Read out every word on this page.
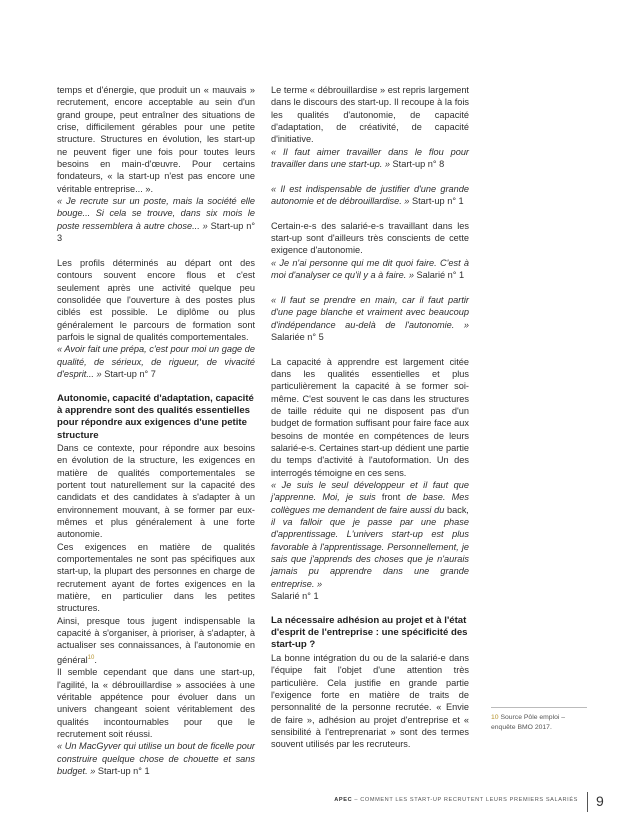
temps et d'énergie, que produit un « mauvais » recrutement, encore acceptable au sein d'un grand groupe, peut entraîner des situations de crise, difficilement gérables pour une petite structure. Structures en évolution, les start-up ne peuvent figer une fois pour toutes leurs besoins en main-d'œuvre. Pour certains fondateurs, « la start-up n'est pas encore une véritable entreprise... ».

« Je recrute sur un poste, mais la société elle bouge... Si cela se trouve, dans six mois le poste ressemblera à autre chose... » Start-up n° 3

Les profils déterminés au départ ont des contours souvent encore flous et c'est seulement après une activité quelque peu consolidée que l'ouverture à des postes plus ciblés est possible. Le diplôme ou plus généralement le parcours de formation sont parfois le signal de qualités comportementales.

« Avoir fait une prépa, c'est pour moi un gage de qualité, de sérieux, de rigueur, de vivacité d'esprit... » Start-up n° 7

Autonomie, capacité d'adaptation, capacité à apprendre sont des qualités essentielles pour répondre aux exigences d'une petite structure

Dans ce contexte, pour répondre aux besoins en évolution de la structure, les exigences en matière de qualités comportementales se portent tout naturellement sur la capacité des candidats et des candidates à s'adapter à un environnement mouvant, à se former par eux-mêmes et plus généralement à une forte autonomie.

Ces exigences en matière de qualités comportementales ne sont pas spécifiques aux start-up, la plupart des personnes en charge de recrutement ayant de fortes exigences en la matière, en particulier dans les petites structures.

Ainsi, presque tous jugent indispensable la capacité à s'organiser, à prioriser, à s'adapter, à actualiser ses connaissances, à l'autonomie en général$^{10}$.

Il semble cependant que dans une start-up, l'agilité, la « débrouillardise » associées à une véritable appétence pour évoluer dans un univers changeant soient véritablement des qualités incontournables pour que le recrutement soit réussi.

« Un MacGyver qui utilise un bout de ficelle pour construire quelque chose de chouette et sans budget. » Start-up n° 1

Le terme « débrouillardise » est repris largement dans le discours des start-up. Il recoupe à la fois les qualités d'autonomie, de capacité d'adaptation, de créativité, de capacité d'initiative.

« Il faut aimer travailler dans le flou pour travailler dans une start-up. » Start-up n° 8

« Il est indispensable de justifier d'une grande autonomie et de débrouillardise. » Start-up n° 1

Certain-e-s des salarié-e-s travaillant dans les start-up sont d'ailleurs très conscients de cette exigence d'autonomie.

« Je n'ai personne qui me dit quoi faire. C'est à moi d'analyser ce qu'il y a à faire. » Salarié n° 1

« Il faut se prendre en main, car il faut partir d'une page blanche et vraiment avec beaucoup d'indépendance au-delà de l'autonomie. » Salariée n° 5

La capacité à apprendre est largement citée dans les qualités essentielles et plus particulièrement la capacité à se former soi-même. C'est souvent le cas dans les structures de taille réduite qui ne disposent pas d'un budget de formation suffisant pour faire face aux besoins de montée en compétences de leurs salarié-e-s. Certaines start-up dédient une partie du temps d'activité à l'autoformation. Un des interrogés témoigne en ces sens.

« Je suis le seul développeur et il faut que j'apprenne. Moi, je suis front de base. Mes collègues me demandent de faire aussi du back, il va falloir que je passe par une phase d'apprentissage. L'univers start-up est plus favorable à l'apprentissage. Personnellement, je sais que j'apprends des choses que je n'aurais jamais pu apprendre dans une grande entreprise. »

Salarié n° 1

La nécessaire adhésion au projet et à l'état d'esprit de l'entreprise : une spécificité des start-up ?

La bonne intégration du ou de la salarié-e dans l'équipe fait l'objet d'une attention très particulière. Cela justifie en grande partie l'exigence forte en matière de traits de personnalité de la personne recrutée. « Envie de faire », adhésion au projet d'entreprise et « sensibilité à l'entreprenariat » sont des termes souvent utilisés par les recruteurs.

10 Source Pôle emploi – enquête BMO 2017.
APEC – COMMENT LES START-UP RECRUTENT LEURS PREMIERS SALARIÉS 9
